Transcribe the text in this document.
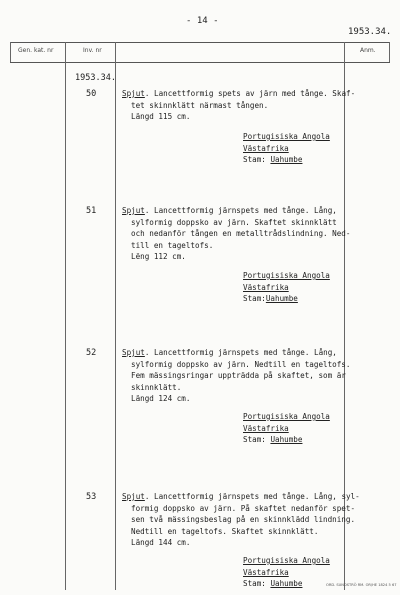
- 14 -
1953.34.
Gen. kat. nr	Inv. nr	Anm.
1953.34.
50	Spjut. Lancettformig spets av järn med tånge. Skaf-
tet skinnklätt närmast tången.
Längd 115 cm.
Portugisiska Angola
Västafrika
Stam: Uahumbe
51	Spjut. Lancettformig järnspets med tånge. Lång,
sylformig doppsko av järn. Skaftet skinnklätt
och nedanför tången en metalltrådslindning. Ned-
till en tageltofs.
Lëng 112 cm.
Portugisiska Angola
Västafrika
Stam:Uahumbe
52	Spjut. Lancettformig järnspets med tånge. Lång,
sylformig doppsko av järn. Nedtill en tageltofs.
Fem mässingsringar uppträdda på skaftet, som är
skinnklätt.
Längd 124 cm.
Portugisiska Angola
Västafrika
Stam: Uahumbe
53	Spjut. Lancettformig järnspets med tånge. Lång, syl-
formig doppsko av järn. På skaftet nedanför spet-
sen två mässingsbeslag på en skinnklädd lindning.
Nedtill en tageltofs. Skaftet skinnklätt.
Längd 144 cm.
Portugisiska Angola
Västafrika
Stam: Uahumbe	ORD. SUNDSTRÖ RM. OR/HE 1824 5 67
